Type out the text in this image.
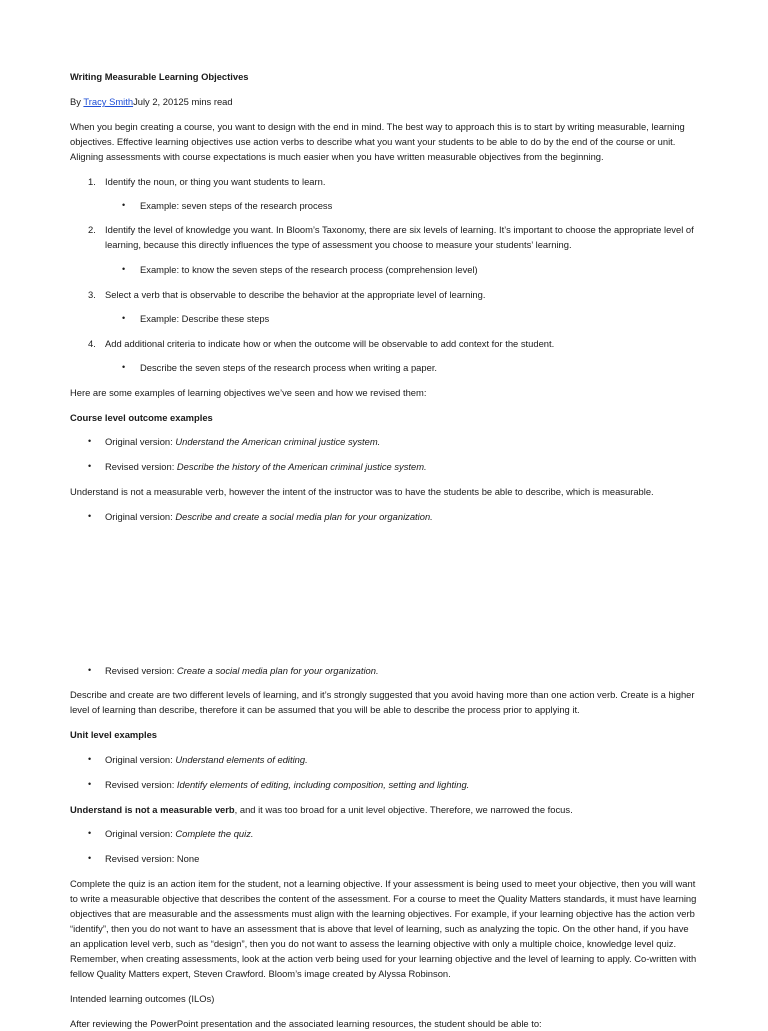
Writing Measurable Learning Objectives

By Tracy SmithJuly 2, 20125 mins read

When you begin creating a course, you want to design with the end in mind. The best way to approach this is to start by writing measurable, learning objectives. Effective learning objectives use action verbs to describe what you want your students to be able to do by the end of the course or unit. Aligning assessments with course expectations is much easier when you have written measurable objectives from the beginning.

1. Identify the noun, or thing you want students to learn.

• Example: seven steps of the research process

2. Identify the level of knowledge you want. In Bloom’s Taxonomy, there are six levels of learning. It’s important to choose the appropriate level of learning, because this directly influences the type of assessment you choose to measure your students’ learning.

• Example: to know the seven steps of the research process (comprehension level)

3. Select a verb that is observable to describe the behavior at the appropriate level of learning.

• Example: Describe these steps

4. Add additional criteria to indicate how or when the outcome will be observable to add context for the student.

• Describe the seven steps of the research process when writing a paper.

Here are some examples of learning objectives we’ve seen and how we revised them:

Course level outcome examples

• Original version: Understand the American criminal justice system.

• Revised version: Describe the history of the American criminal justice system.

Understand is not a measurable verb, however the intent of the instructor was to have the students be able to describe, which is measurable.

• Original version: Describe and create a social media plan for your organization.

• Revised version: Create a social media plan for your organization.

Describe and create are two different levels of learning, and it’s strongly suggested that you avoid having more than one action verb. Create is a higher level of learning than describe, therefore it can be assumed that you will be able to describe the process prior to applying it.

Unit level examples

• Original version: Understand elements of editing.

• Revised version: Identify elements of editing, including composition, setting and lighting.

Understand is not a measurable verb, and it was too broad for a unit level objective. Therefore, we narrowed the focus.

• Original version: Complete the quiz.

• Revised version: None

Complete the quiz is an action item for the student, not a learning objective. If your assessment is being used to meet your objective, then you will want to write a measurable objective that describes the content of the assessment. For a course to meet the Quality Matters standards, it must have learning objectives that are measurable and the assessments must align with the learning objectives. For example, if your learning objective has the action verb “identify”, then you do not want to have an assessment that is above that level of learning, such as analyzing the topic. On the other hand, if you have an application level verb, such as “design”, then you do not want to assess the learning objective with only a multiple choice, knowledge level quiz. Remember, when creating assessments, look at the action verb being used for your learning objective and the level of learning to apply. Co-written with fellow Quality Matters expert, Steven Crawford. Bloom’s image created by Alyssa Robinson.

Intended learning outcomes (ILOs)

After reviewing the PowerPoint presentation and the associated learning resources, the student should be able to:
